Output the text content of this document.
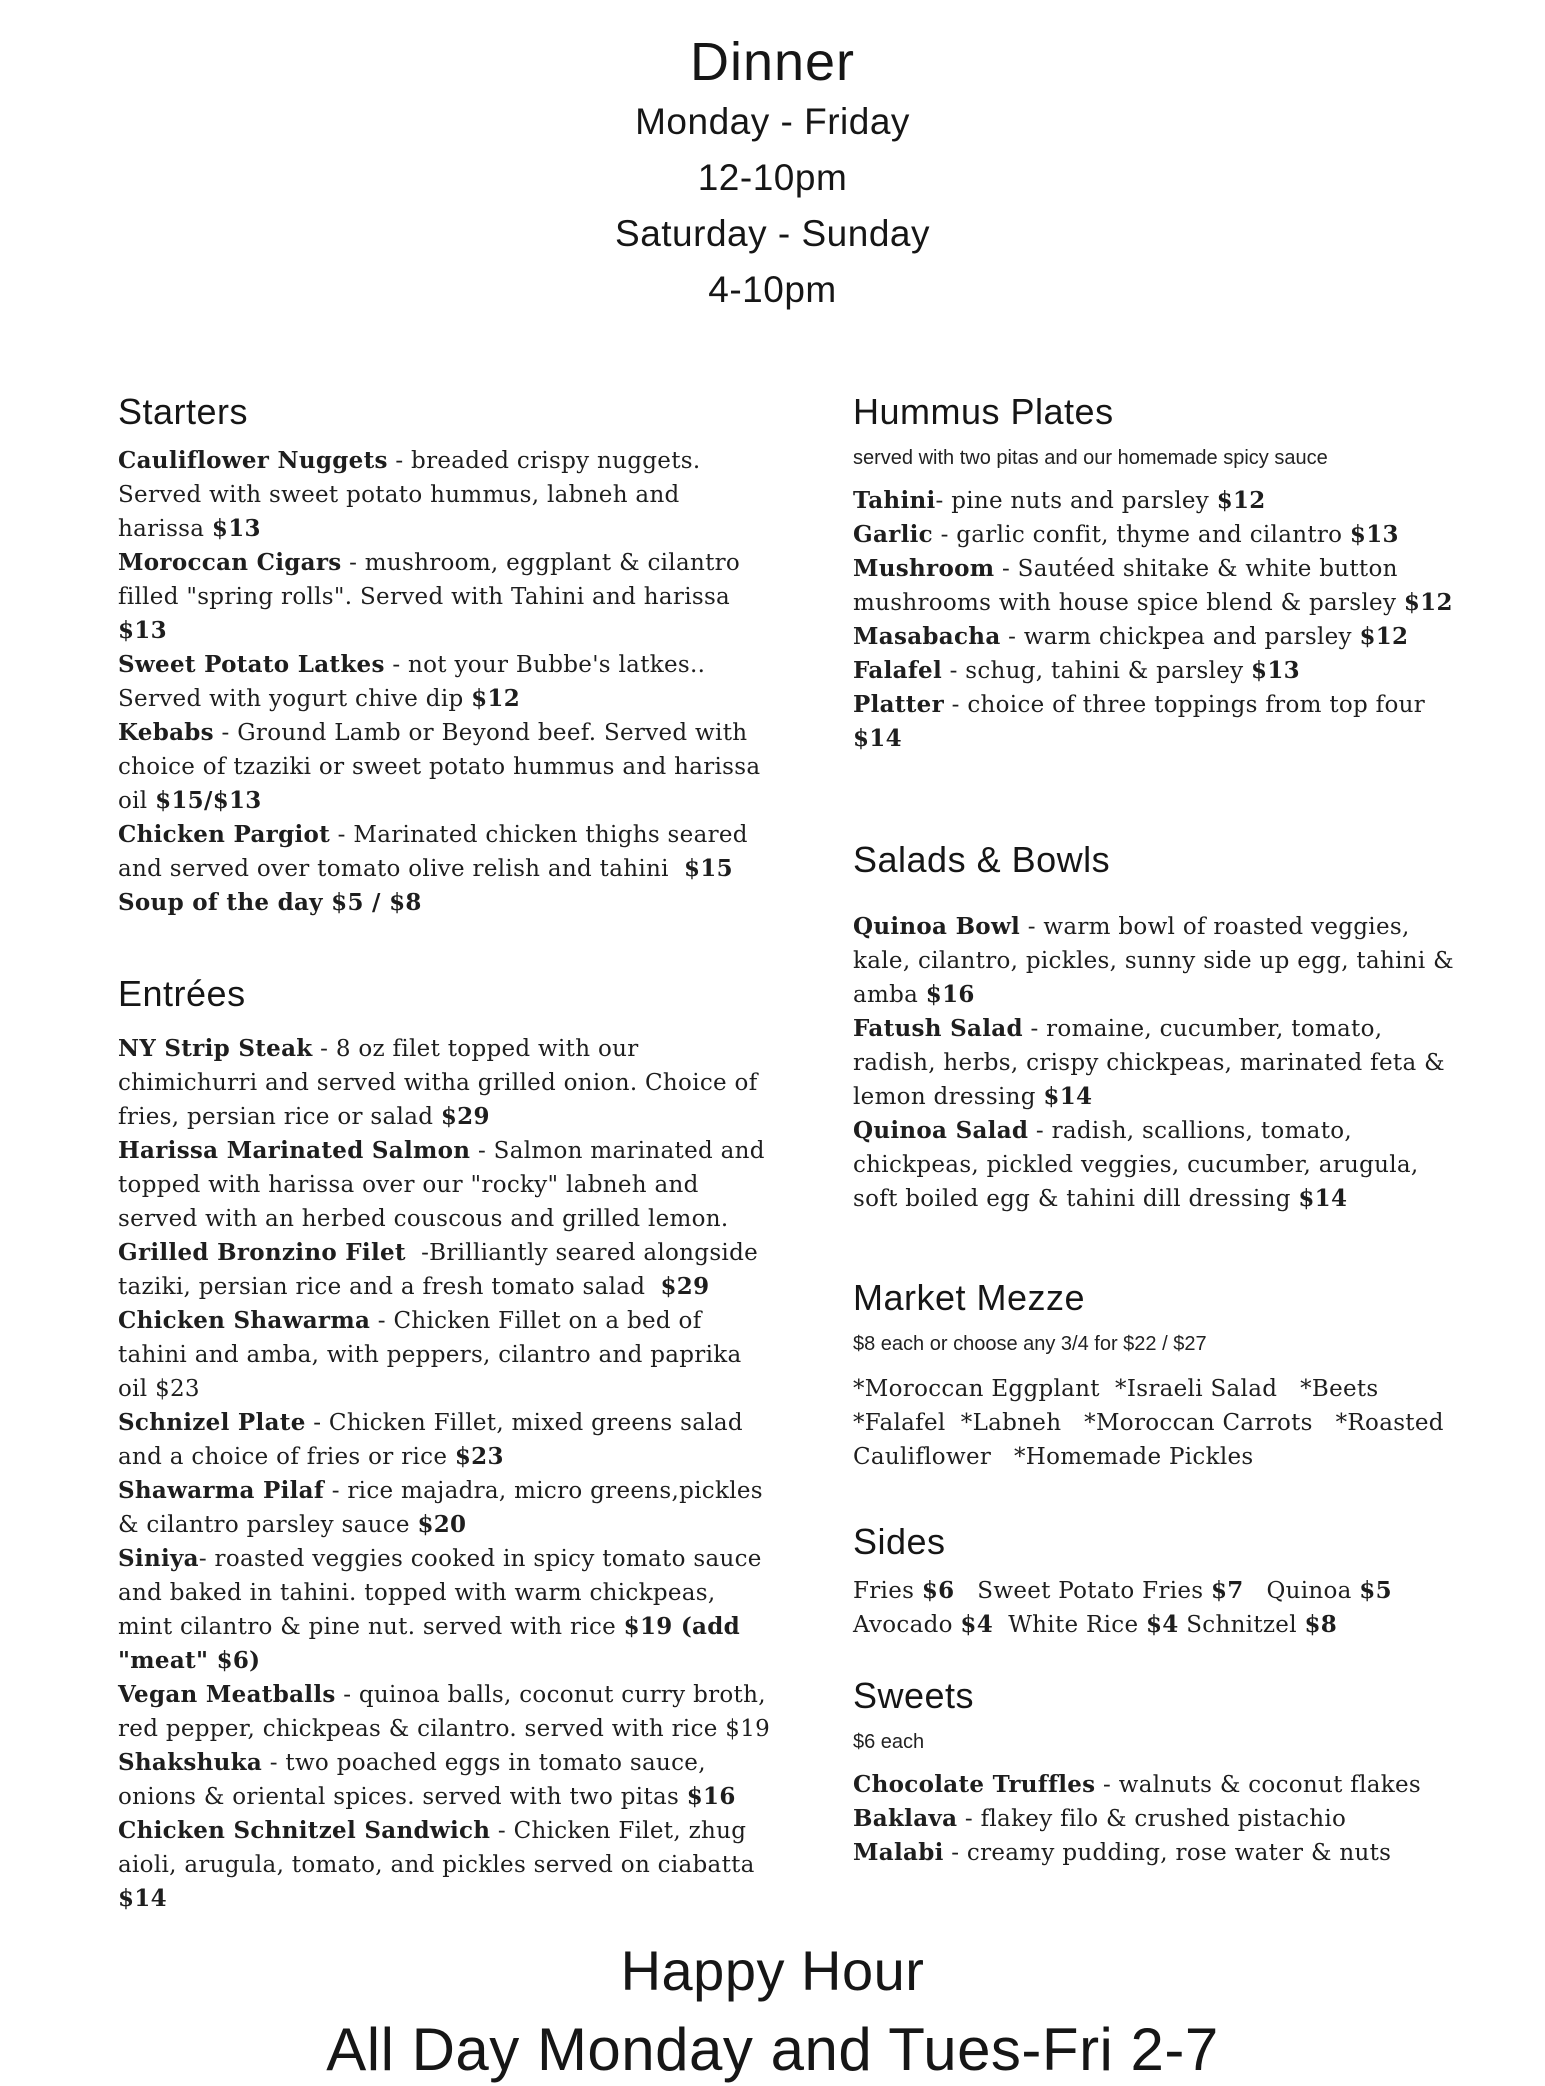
Dinner
Monday - Friday
12-10pm
Saturday - Sunday
4-10pm
Starters

Cauliflower Nuggets - breaded crispy nuggets. Served with sweet potato hummus, labneh and harissa $13

Moroccan Cigars - mushroom, eggplant & cilantro filled "spring rolls". Served with Tahini and harissa $13

Sweet Potato Latkes - not your Bubbe's latkes.. Served with yogurt chive dip $12

Kebabs - Ground Lamb or Beyond beef. Served with choice of tzaziki or sweet potato hummus and harissa oil $15/$13

Chicken Pargiot - Marinated chicken thighs seared and served over tomato olive relish and tahini  $15

Soup of the day $5 / $8

Entrées

NY Strip Steak - 8 oz filet topped with our chimichurri and served witha grilled onion. Choice of fries, persian rice or salad $29

Harissa Marinated Salmon - Salmon marinated and topped with harissa over our "rocky" labneh and served with an herbed couscous and grilled lemon.

Grilled Bronzino Filet  -Brilliantly seared alongside taziki, persian rice and a fresh tomato salad  $29

Chicken Shawarma - Chicken Fillet on a bed of tahini and amba, with peppers, cilantro and paprika oil $23

Schnizel Plate - Chicken Fillet, mixed greens salad and a choice of fries or rice $23

Shawarma Pilaf - rice majadra, micro greens,pickles & cilantro parsley sauce $20

Siniya- roasted veggies cooked in spicy tomato sauce and baked in tahini. topped with warm chickpeas, mint cilantro & pine nut. served with rice $19 (add "meat" $6)

Vegan Meatballs - quinoa balls, coconut curry broth, red pepper, chickpeas & cilantro. served with rice $19

Shakshuka - two poached eggs in tomato sauce, onions & oriental spices. served with two pitas $16

Chicken Schnitzel Sandwich - Chicken Filet, zhug aioli, arugula, tomato, and pickles served on ciabatta $14

Hummus Plates

served with two pitas and our homemade spicy sauce

Tahini- pine nuts and parsley $12

Garlic - garlic confit, thyme and cilantro $13

Mushroom - Sautéed shitake & white button mushrooms with house spice blend & parsley $12

Masabacha - warm chickpea and parsley $12

Falafel - schug, tahini & parsley $13

Platter - choice of three toppings from top four $14

Salads & Bowls

Quinoa Bowl - warm bowl of roasted veggies, kale, cilantro, pickles, sunny side up egg, tahini & amba $16

Fatush Salad - romaine, cucumber, tomato, radish, herbs, crispy chickpeas, marinated feta & lemon dressing $14

Quinoa Salad - radish, scallions, tomato, chickpeas, pickled veggies, cucumber, arugula, soft boiled egg & tahini dill dressing $14

Market Mezze

$8 each or choose any 3/4 for $22 / $27

*Moroccan Eggplant  *Israeli Salad   *Beets

*Falafel  *Labneh   *Moroccan Carrots   *Roasted Cauliflower   *Homemade Pickles

Sides

Fries $6   Sweet Potato Fries $7   Quinoa $5

Avocado $4  White Rice $4 Schnitzel $8

Sweets

$6 each

Chocolate Truffles - walnuts & coconut flakes

Baklava - flakey filo & crushed pistachio

Malabi - creamy pudding, rose water & nuts

Happy Hour
All Day Monday and Tues-Fri 2-7
